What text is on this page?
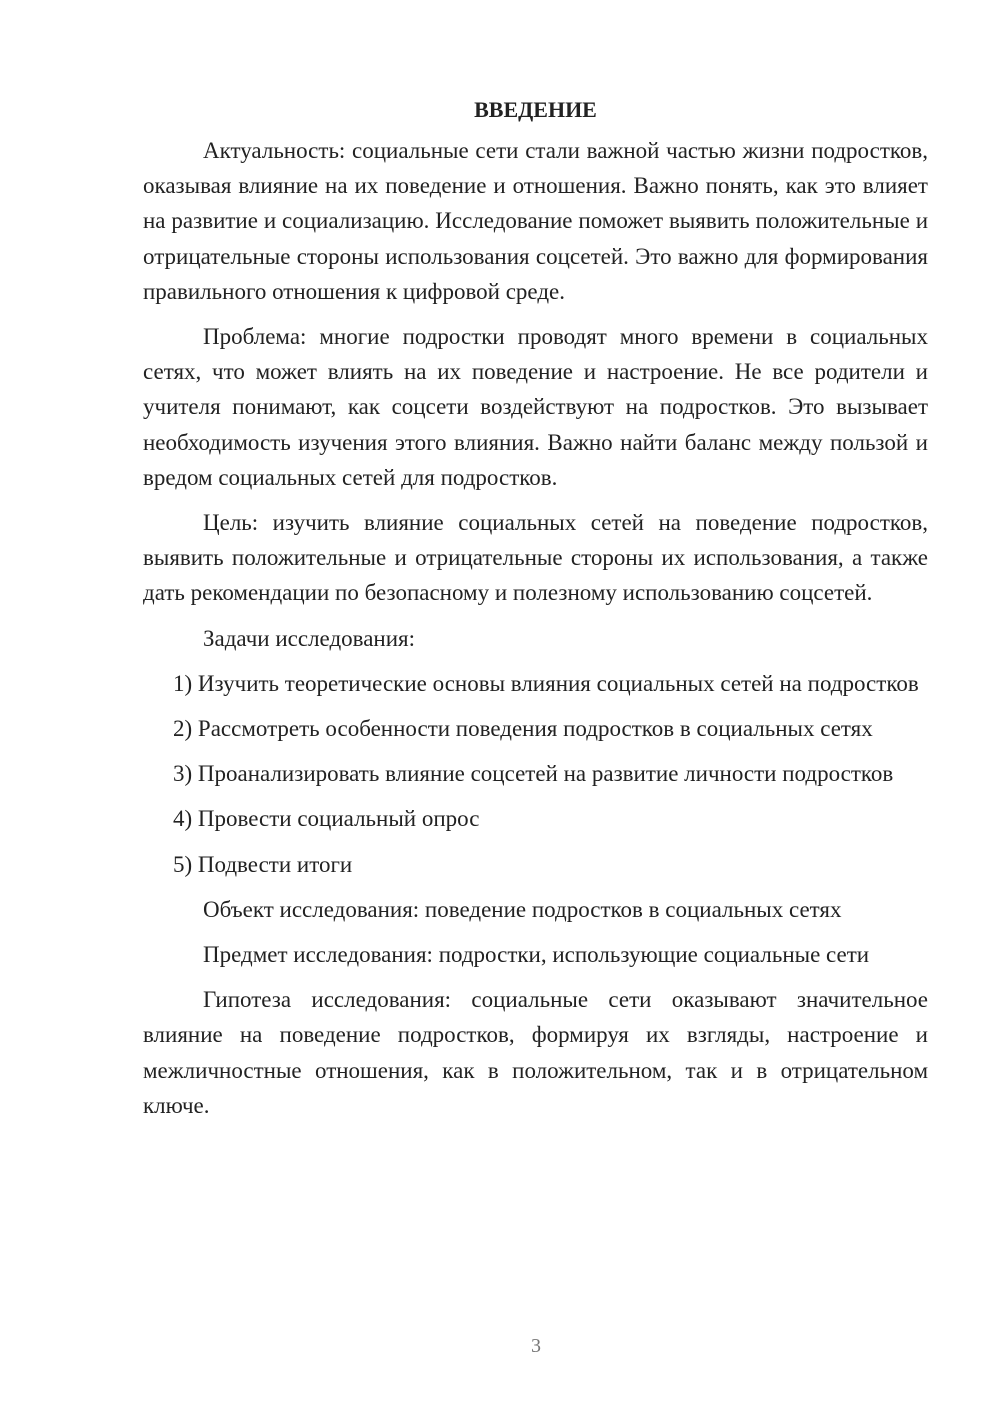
ВВЕДЕНИЕ

Актуальность: социальные сети стали важной частью жизни подростков, оказывая влияние на их поведение и отношения. Важно понять, как это влияет на развитие и социализацию. Исследование поможет выявить положительные и отрицательные стороны использования соцсетей. Это важно для формирования правильного отношения к цифровой среде.

Проблема: многие подростки проводят много времени в социальных сетях, что может влиять на их поведение и настроение. Не все родители и учителя понимают, как соцсети воздействуют на подростков. Это вызывает необходимость изучения этого влияния. Важно найти баланс между пользой и вредом социальных сетей для подростков.

Цель: изучить влияние социальных сетей на поведение подростков, выявить положительные и отрицательные стороны их использования, а также дать рекомендации по безопасному и полезному использованию соцсетей.

Задачи исследования:

1) Изучить теоретические основы влияния социальных сетей на подростков

2) Рассмотреть особенности поведения подростков в социальных сетях

3) Проанализировать влияние соцсетей на развитие личности подростков

4) Провести социальный опрос

5) Подвести итоги

Объект исследования: поведение подростков в социальных сетях

Предмет исследования: подростки, использующие социальные сети

Гипотеза исследования: социальные сети оказывают значительное влияние на поведение подростков, формируя их взгляды, настроение и межличностные отношения, как в положительном, так и в отрицательном ключе.

3
